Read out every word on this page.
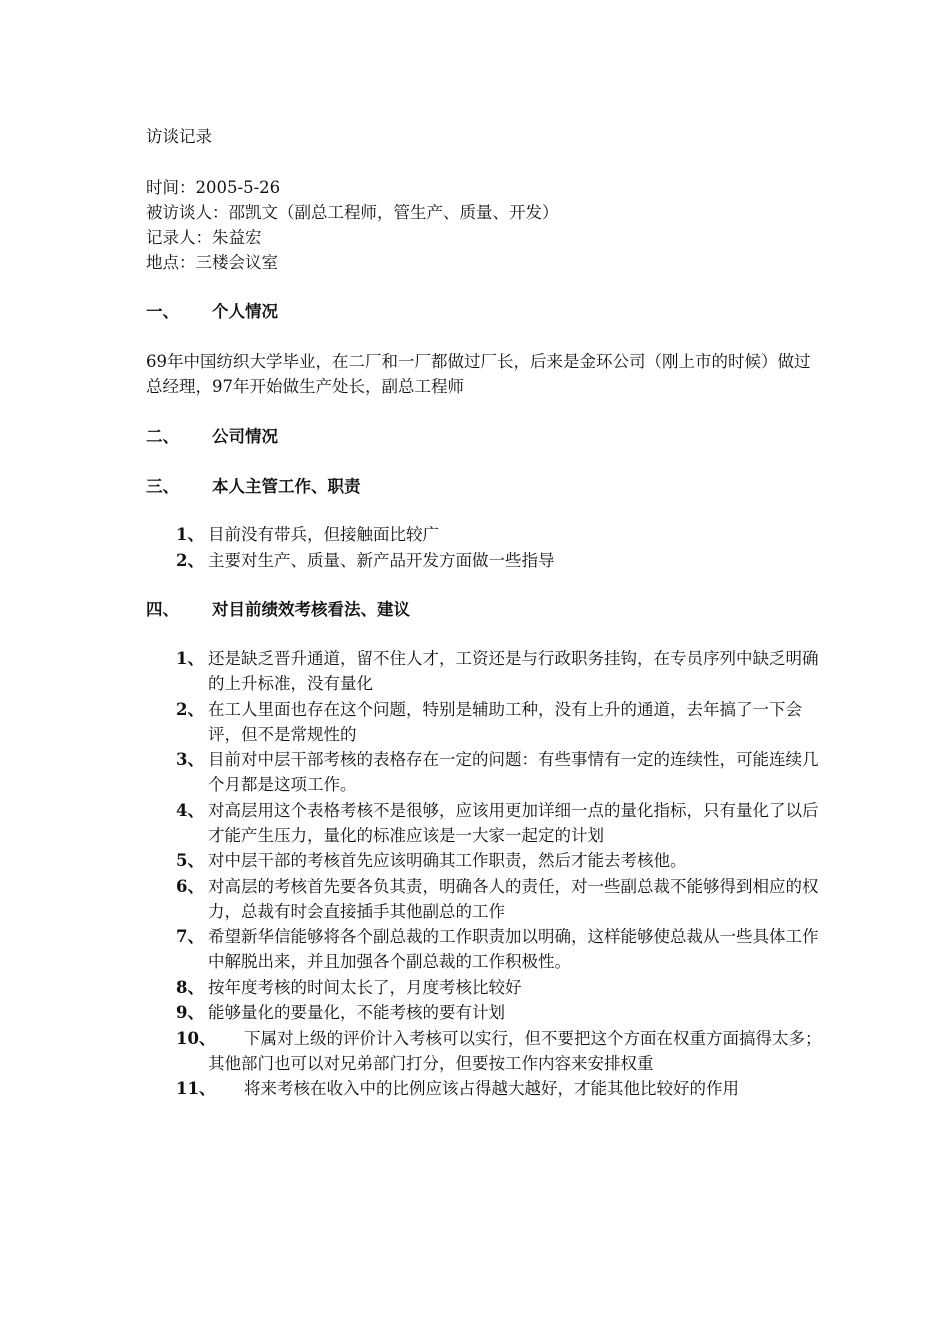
访谈记录
时间：2005-5-26
被访谈人：邵凯文（副总工程师，管生产、质量、开发）
记录人：朱益宏
地点：三楼会议室
一、 个人情况
69年中国纺织大学毕业，在二厂和一厂都做过厂长，后来是金环公司（刚上市的时候）做过总经理，97年开始做生产处长，副总工程师
二、 公司情况
三、 本人主管工作、职责
1、 目前没有带兵，但接触面比较广
2、 主要对生产、质量、新产品开发方面做一些指导
四、 对目前绩效考核看法、建议
1、 还是缺乏晋升通道，留不住人才，工资还是与行政职务挂钩，在专员序列中缺乏明确的上升标准，没有量化
2、 在工人里面也存在这个问题，特别是辅助工种，没有上升的通道，去年搞了一下会评，但不是常规性的
3、 目前对中层干部考核的表格存在一定的问题：有些事情有一定的连续性，可能连续几个月都是这项工作。
4、 对高层用这个表格考核不是很够，应该用更加详细一点的量化指标，只有量化了以后才能产生压力，量化的标准应该是一大家一起定的计划
5、 对中层干部的考核首先应该明确其工作职责，然后才能去考核他。
6、 对高层的考核首先要各负其责，明确各人的责任，对一些副总裁不能够得到相应的权力，总裁有时会直接插手其他副总的工作
7、 希望新华信能够将各个副总裁的工作职责加以明确，这样能够使总裁从一些具体工作中解脱出来，并且加强各个副总裁的工作积极性。
8、 按年度考核的时间太长了，月度考核比较好
9、 能够量化的要量化，不能考核的要有计划
10、 下属对上级的评价计入考核可以实行，但不要把这个方面在权重方面搞得太多；其他部门也可以对兄弟部门打分，但要按工作内容来安排权重
11、 将来考核在收入中的比例应该占得越大越好，才能其他比较好的作用
